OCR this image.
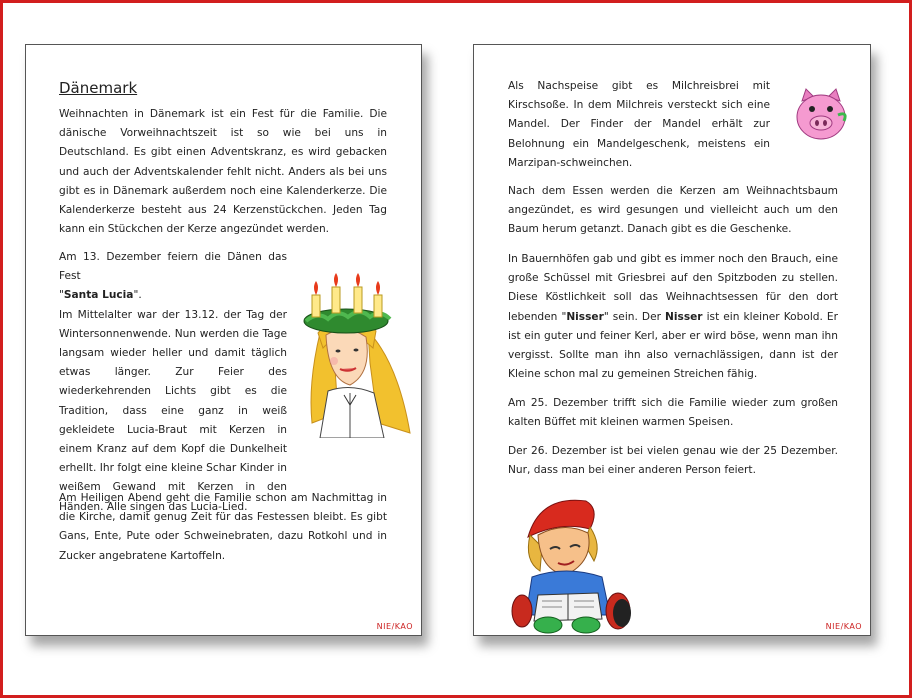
Dänemark

Weihnachten in Dänemark ist ein Fest für die Familie. Die dänische Vorweihnachtszeit ist so wie bei uns in Deutschland. Es gibt einen Adventskranz, es wird gebacken und auch der Adventskalender fehlt nicht. Anders als bei uns gibt es in Dänemark außerdem noch eine Kalenderkerze. Die Kalenderkerze besteht aus 24 Kerzenstückchen. Jeden Tag kann ein Stückchen der Kerze angezündet werden.

Am 13. Dezember feiern die Dänen das Fest
"Santa Lucia".
Im Mittelalter war der 13.12. der Tag der Wintersonnenwende. Nun werden die Tage langsam wieder heller und damit täglich etwas länger. Zur Feier des wiederkehrenden Lichts gibt es die Tradition, dass eine ganz in weiß gekleidete Lucia-Braut mit Kerzen in einem Kranz auf dem Kopf die Dunkelheit erhellt. Ihr folgt eine kleine Schar Kinder in weißem Gewand mit Kerzen in den Händen. Alle singen das Lucia-Lied.

Am Heiligen Abend geht die Familie schon am Nachmittag in die Kirche, damit genug Zeit für das Festessen bleibt. Es gibt Gans, Ente, Pute oder Schweinebraten, dazu Rotkohl und in Zucker angebratene Kartoffeln.

NIE/KAO

Als Nachspeise gibt es Milchreisbrei mit Kirschsoße. In dem Milchreis versteckt sich eine Mandel. Der Finder der Mandel erhält zur Belohnung ein Mandelgeschenk, meistens ein Marzipan-schweinchen.

Nach dem Essen werden die Kerzen am Weihnachtsbaum angezündet, es wird gesungen und vielleicht auch um den Baum herum getanzt. Danach gibt es die Geschenke.

In Bauernhöfen gab und gibt es immer noch den Brauch, eine große Schüssel mit Griesbrei auf den Spitzboden zu stellen. Diese Köstlichkeit soll das Weihnachtsessen für den dort lebenden "Nisser" sein. Der Nisser ist ein kleiner Kobold. Er ist ein guter und feiner Kerl, aber er wird böse, wenn man ihn vergisst. Sollte man ihn also vernachlässigen, dann ist der Kleine schon mal zu gemeinen Streichen fähig.

Am 25. Dezember trifft sich die Familie wieder zum großen kalten Büffet mit kleinen warmen Speisen.

Der 26. Dezember ist bei vielen genau wie der 25 Dezember. Nur, dass man bei einer anderen Person feiert.

NIE/KAO
